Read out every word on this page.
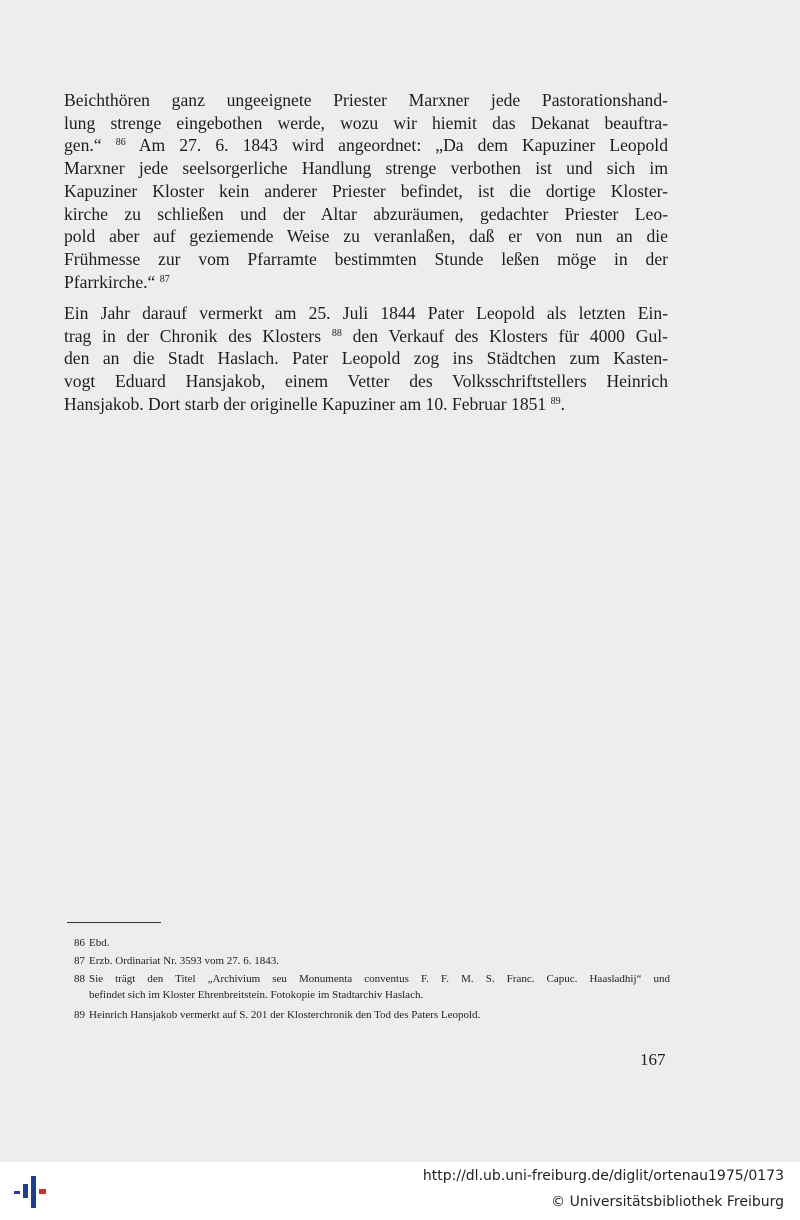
Beichthören ganz ungeeignete Priester Marxner jede Pastorationshand-
lung strenge eingebothen werde, wozu wir hiemit das Dekanat beauftra-
gen.“ $^{86}$ Am 27. 6. 1843 wird angeordnet: „Da dem Kapuziner Leopold
Marxner jede seelsorgerliche Handlung strenge verbothen ist und sich im
Kapuziner Kloster kein anderer Priester befindet, ist die dortige Kloster-
kirche zu schließen und der Altar abzuräumen, gedachter Priester Leo-
pold aber auf geziemende Weise zu veranlaßen, daß er von nun an die
Frühmesse zur vom Pfarramte bestimmten Stunde leßen möge in der
Pfarrkirche.“ $^{87}$

Ein Jahr darauf vermerkt am 25. Juli 1844 Pater Leopold als letzten Ein-
trag in der Chronik des Klosters $^{88}$ den Verkauf des Klosters für 4000 Gul-
den an die Stadt Haslach. Pater Leopold zog ins Städtchen zum Kasten-
vogt Eduard Hansjakob, einem Vetter des Volksschriftstellers Heinrich
Hansjakob. Dort starb der originelle Kapuziner am 10. Februar 1851 $^{89}$.

86 Ebd.
87 Erzb. Ordinariat Nr. 3593 vom 27. 6. 1843.
88 Sie trägt den Titel „Archivium seu Monumenta conventus F. F. M. S. Franc. Capuc. Haasladhij“ und
befindet sich im Kloster Ehrenbreitstein. Fotokopie im Stadtarchiv Haslach.
89 Heinrich Hansjakob vermerkt auf S. 201 der Klosterchronik den Tod des Paters Leopold.
167
http://dl.ub.uni-freiburg.de/diglit/ortenau1975/0173
© Universitätsbibliothek Freiburg
